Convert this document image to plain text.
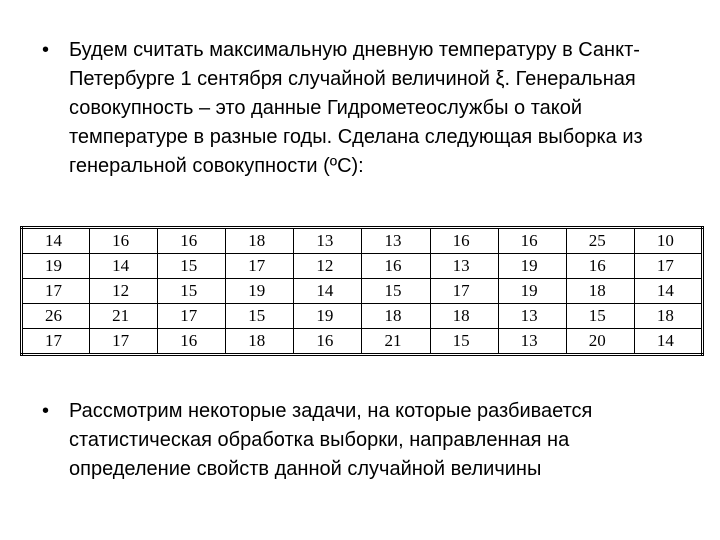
• Будем считать максимальную дневную температуру в Санкт-Петербурге 1 сентября случайной величиной ξ. Генеральная совокупность – это данные Гидрометеослужбы о такой температуре в разные годы. Сделана следующая выборка из генеральной совокупности (ºС):
14	16	16	18	13	13	16	16	25	10
19	14	15	17	12	16	13	19	16	17
17	12	15	19	14	15	17	19	18	14
26	21	17	15	19	18	18	13	15	18
17	17	16	18	16	21	15	13	20	14
• Рассмотрим некоторые задачи, на которые разбивается статистическая обработка выборки, направленная на определение свойств данной случайной величины
